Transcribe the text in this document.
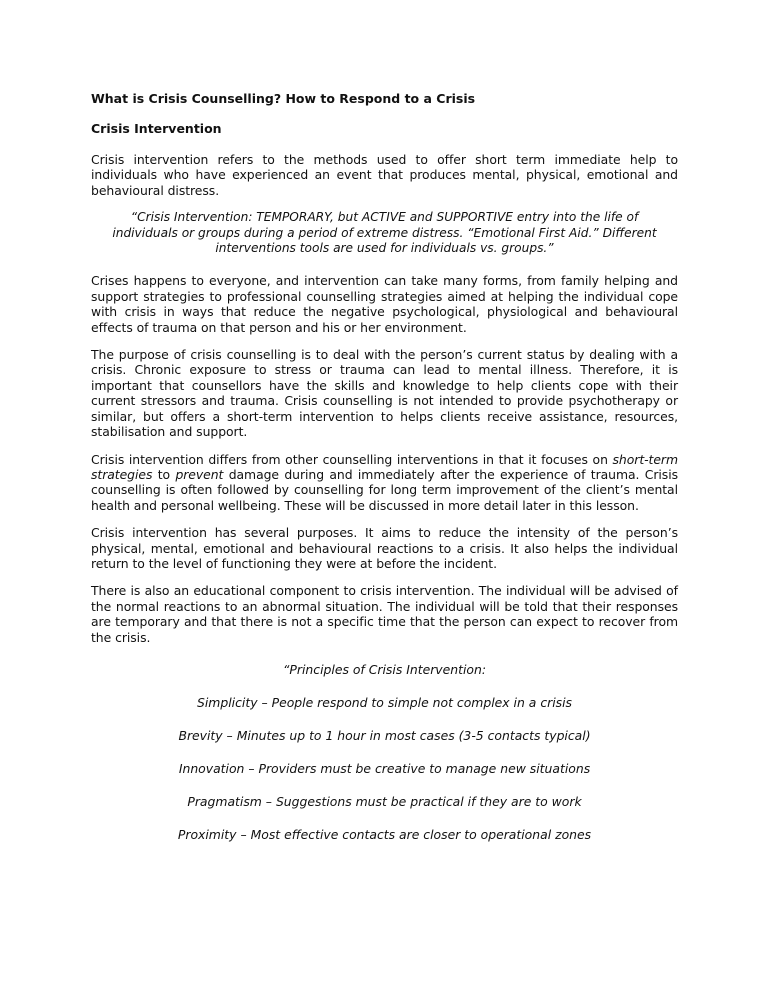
What is Crisis Counselling? How to Respond to a Crisis
Crisis Intervention

Crisis intervention refers to the methods used to offer short term immediate help to individuals who have experienced an event that produces mental, physical, emotional and behavioural distress.

“Crisis Intervention: TEMPORARY, but ACTIVE and SUPPORTIVE entry into the life of individuals or groups during a period of extreme distress. “Emotional First Aid.” Different interventions tools are used for individuals vs. groups.”

Crises happens to everyone, and intervention can take many forms, from family helping and support strategies to professional counselling strategies aimed at helping the individual cope with crisis in ways that reduce the negative psychological, physiological and behavioural effects of trauma on that person and his or her environment.

The purpose of crisis counselling is to deal with the person’s current status by dealing with a crisis. Chronic exposure to stress or trauma can lead to mental illness. Therefore, it is important that counsellors have the skills and knowledge to help clients cope with their current stressors and trauma. Crisis counselling is not intended to provide psychotherapy or similar, but offers a short-term intervention to helps clients receive assistance, resources, stabilisation and support.

Crisis intervention differs from other counselling interventions in that it focuses on short-term strategies to prevent damage during and immediately after the experience of trauma. Crisis counselling is often followed by counselling for long term improvement of the client’s mental health and personal wellbeing. These will be discussed in more detail later in this lesson.

Crisis intervention has several purposes. It aims to reduce the intensity of the person’s physical, mental, emotional and behavioural reactions to a crisis. It also helps the individual return to the level of functioning they were at before the incident.

There is also an educational component to crisis intervention. The individual will be advised of the normal reactions to an abnormal situation. The individual will be told that their responses are temporary and that there is not a specific time that the person can expect to recover from the crisis.

“Principles of Crisis Intervention:

Simplicity – People respond to simple not complex in a crisis

Brevity – Minutes up to 1 hour in most cases (3-5 contacts typical)

Innovation – Providers must be creative to manage new situations

Pragmatism – Suggestions must be practical if they are to work

Proximity – Most effective contacts are closer to operational zones
